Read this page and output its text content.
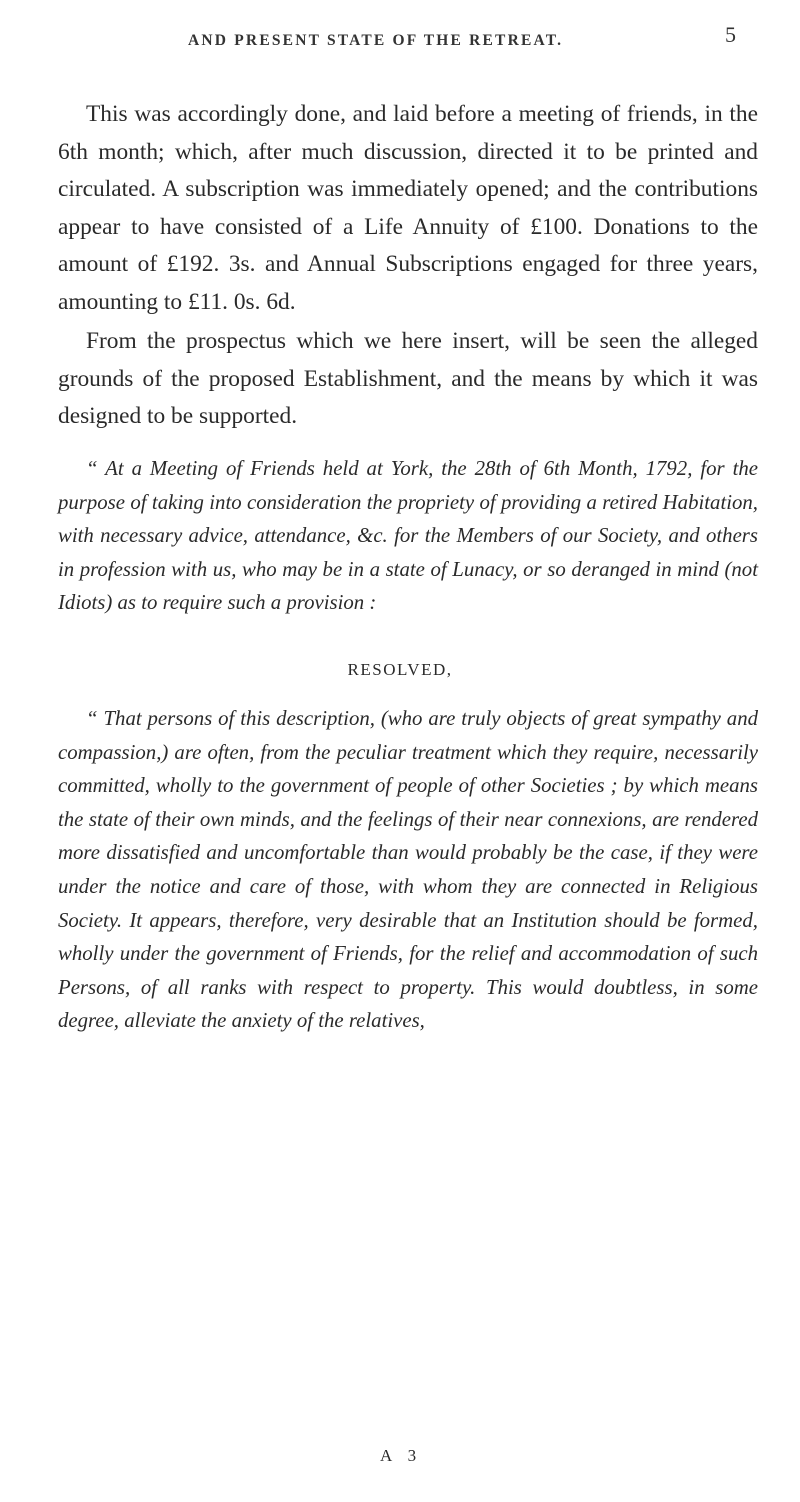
AND PRESENT STATE OF THE RETREAT.	5

This was accordingly done, and laid before a meeting of friends, in the 6th month; which, after much discussion, directed it to be printed and circulated. A subscription was immediately opened; and the contributions appear to have consisted of a Life Annuity of £100. Donations to the amount of £192. 3s. and Annual Subscriptions engaged for three years, amounting to £11. 0s. 6d.

From the prospectus which we here insert, will be seen the alleged grounds of the proposed Establishment, and the means by which it was designed to be supported.

“ At a Meeting of Friends held at York, the 28th of 6th Month, 1792, for the purpose of taking into consideration the propriety of providing a retired Habitation, with necessary advice, attendance, &c. for the Members of our Society, and others in profession with us, who may be in a state of Lunacy, or so deranged in mind (not Idiots) as to require such a provision :

RESOLVED,

“ That persons of this description, (who are truly objects of great sympathy and compassion,) are often, from the peculiar treatment which they require, necessarily committed, wholly to the government of people of other Societies ; by which means the state of their own minds, and the feelings of their near connexions, are rendered more dissatisfied and uncomfortable than would probably be the case, if they were under the notice and care of those, with whom they are connected in Religious Society. It appears, therefore, very desirable that an Institution should be formed, wholly under the government of Friends, for the relief and accommodation of such Persons, of all ranks with respect to property. This would doubtless, in some degree, alleviate the anxiety of the relatives,

A 3
